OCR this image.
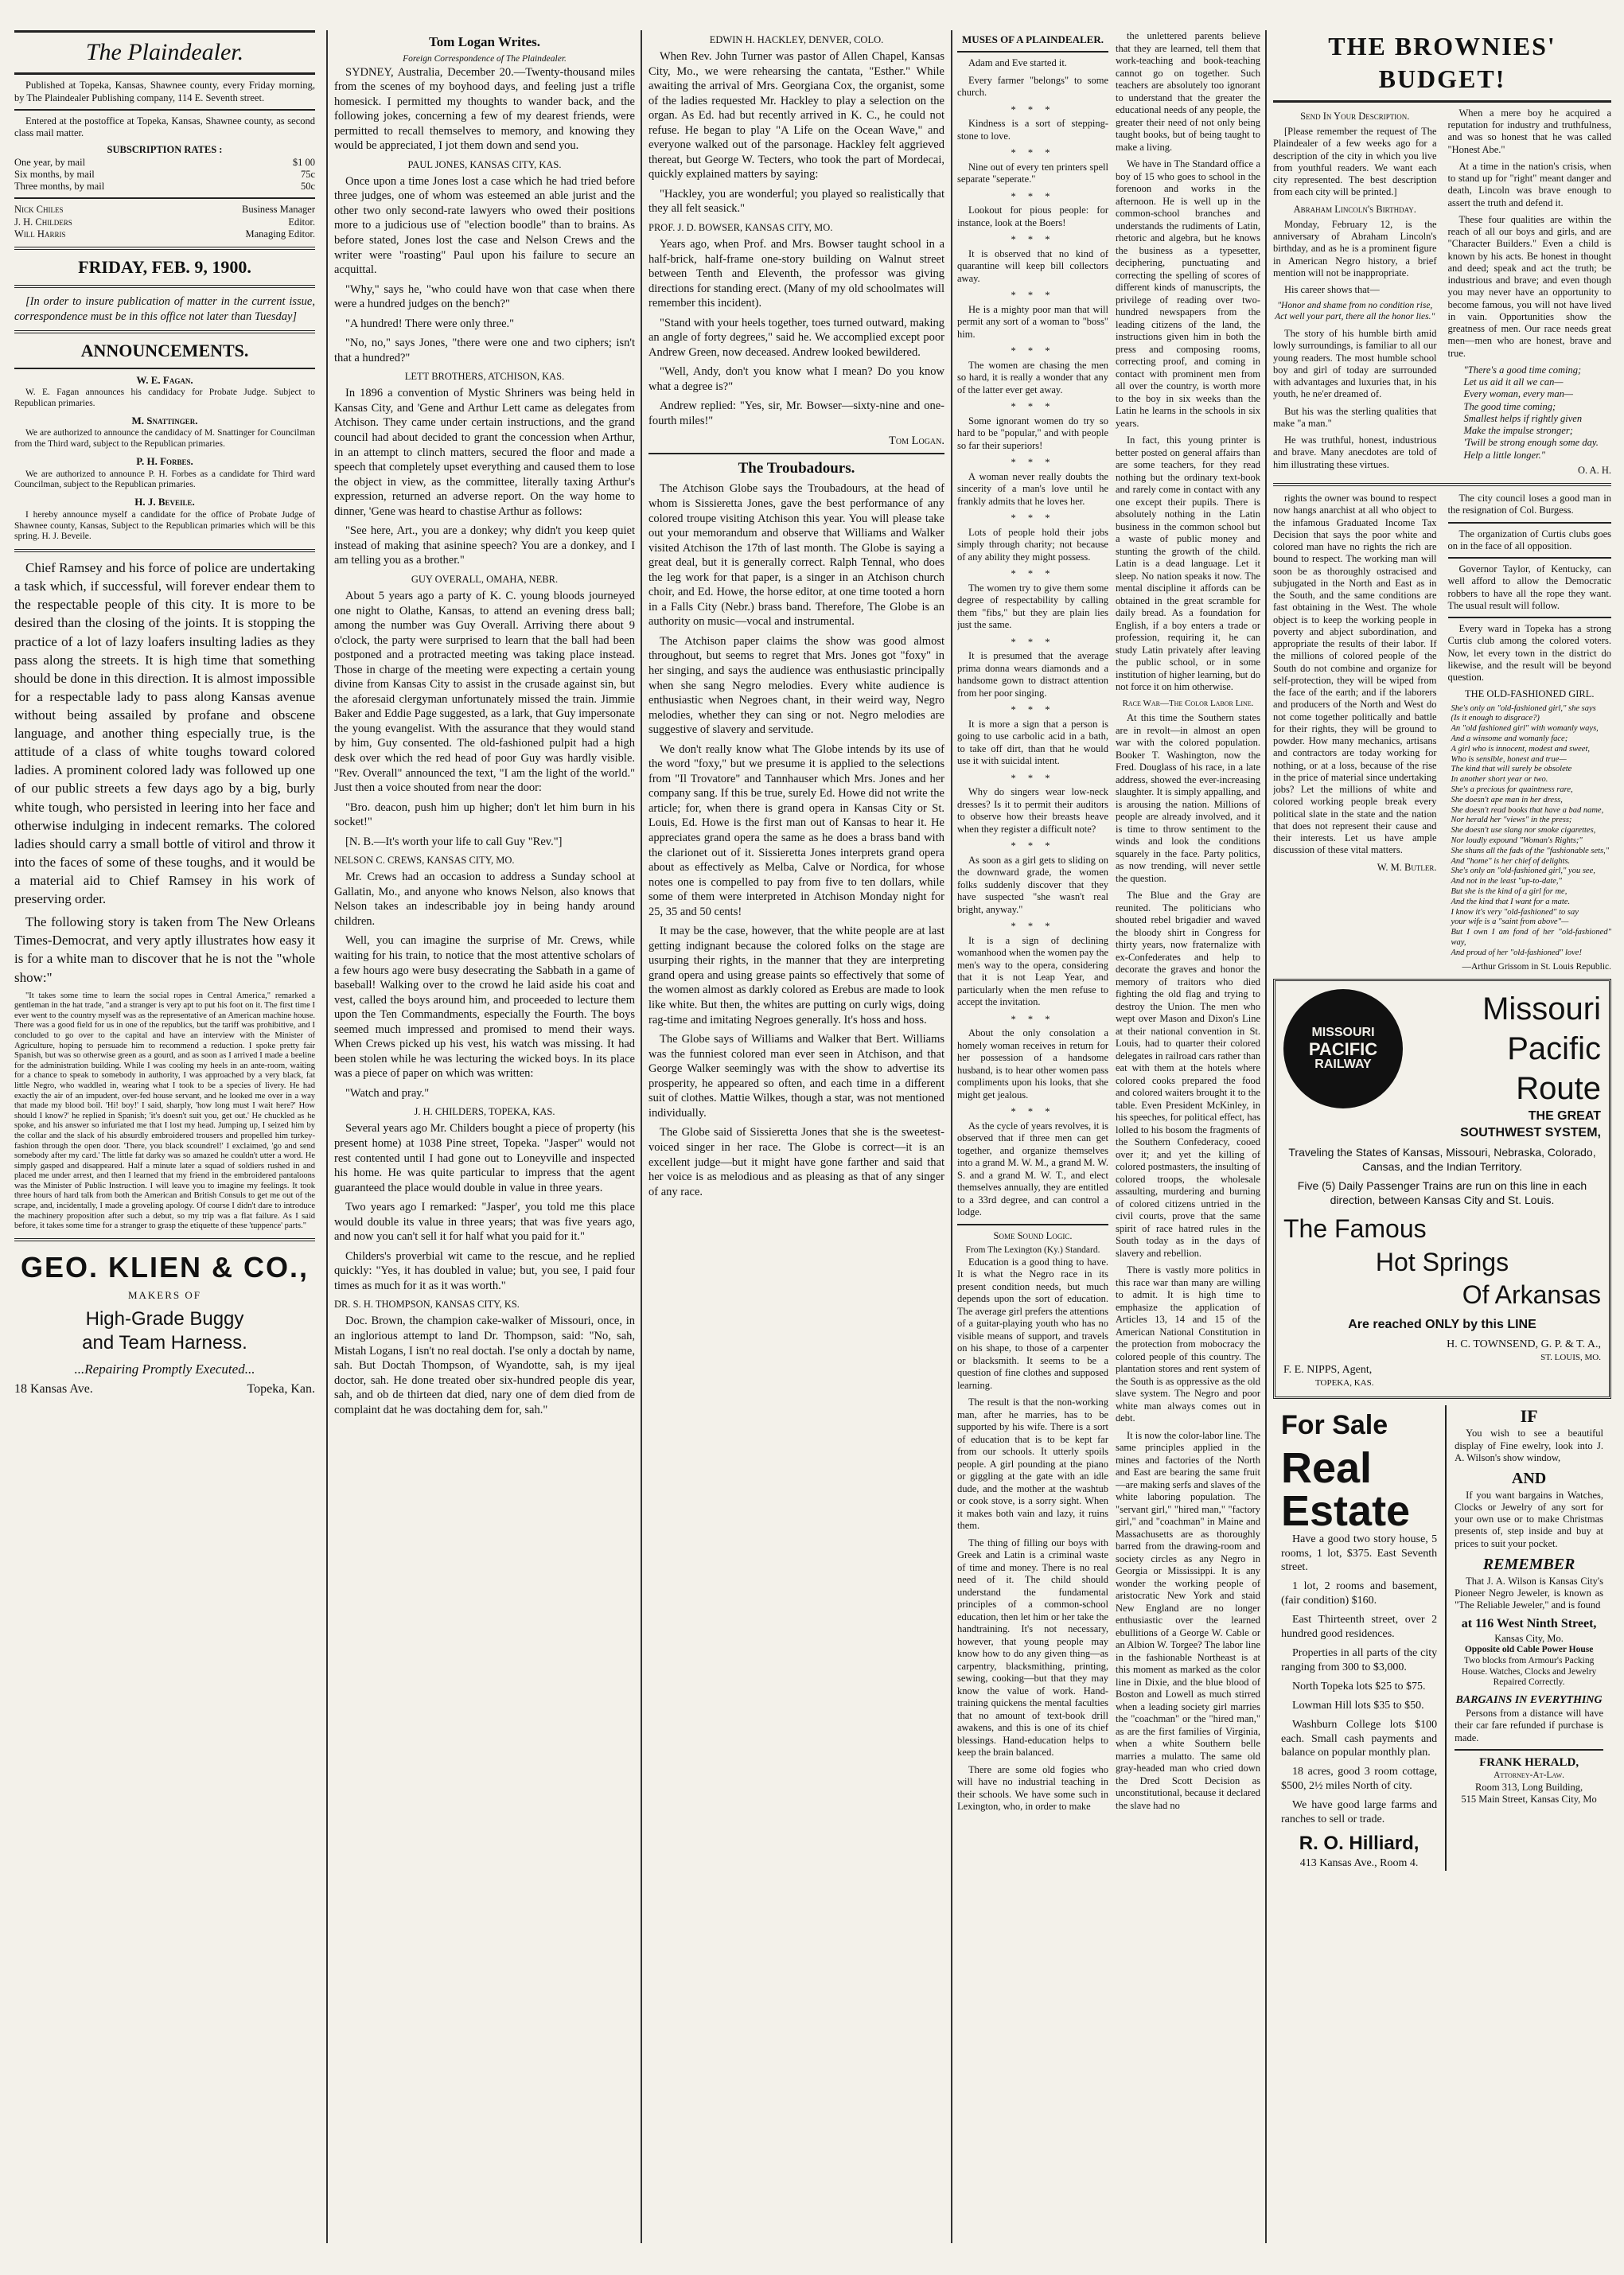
The Plaindealer.

Published at Topeka, Kansas, Shawnee county, every Friday morning, by The Plaindealer Publishing company, 114 E. Seventh street.

Entered at the postoffice at Topeka, Kansas, Shawnee county, as second class mail matter.

SUBSCRIPTION RATES :
One year, by mail	$1 00
Six months, by mail	75c
Three months, by mail	50c
Nick Chiles	Business Manager
J. H. Childers	Editor.
Will Harris	Managing Editor.
FRIDAY, FEB. 9, 1900.

[In order to insure publication of matter in the current issue, correspondence must be in this office not later than Tuesday]

ANNOUNCEMENTS.
W. E. Fagan.

W. E. Fagan announces his candidacy for Probate Judge. Subject to Republican primaries.

M. Snattinger.

We are authorized to announce the candidacy of M. Snattinger for Councilman from the Third ward, subject to the Republican primaries.

P. H. Forbes.

We are authorized to announce P. H. Forbes as a candidate for Third ward Councilman, subject to the Republican primaries.

H. J. Beveile.

I hereby announce myself a candidate for the office of Probate Judge of Shawnee county, Kansas, Subject to the Republican primaries which will be this spring. H. J. Beveile.

Chief Ramsey and his force of police are undertaking a task which, if successful, will forever endear them to the respectable people of this city. It is more to be desired than the closing of the joints. It is stopping the practice of a lot of lazy loafers insulting ladies as they pass along the streets. It is high time that something should be done in this direction. It is almost impossible for a respectable lady to pass along Kansas avenue without being assailed by profane and obscene language, and another thing especially true, is the attitude of a class of white toughs toward colored ladies. A prominent colored lady was followed up one of our public streets a few days ago by a big, burly white tough, who persisted in leering into her face and otherwise indulging in indecent remarks. The colored ladies should carry a small bottle of vitirol and throw it into the faces of some of these toughs, and it would be a material aid to Chief Ramsey in his work of preserving order.

The following story is taken from The New Orleans Times-Democrat, and very aptly illustrates how easy it is for a white man to discover that he is not the "whole show:"

"It takes some time to learn the social ropes in Central America," remarked a gentleman in the hat trade, "and a stranger is very apt to put his foot on it. The first time I ever went to the country myself was as the representative of an American machine house. There was a good field for us in one of the republics, but the tariff was prohibitive, and I concluded to go over to the capital and have an interview with the Minister of Agriculture, hoping to persuade him to recommend a reduction. I spoke pretty fair Spanish, but was so otherwise green as a gourd, and as soon as I arrived I made a beeline for the administration building. While I was cooling my heels in an ante-room, waiting for a chance to speak to somebody in authority, I was approached by a very black, fat little Negro, who waddled in, wearing what I took to be a species of livery. He had exactly the air of an impudent, over-fed house servant, and he looked me over in a way that made my blood boil. 'Hi! boy!' I said, sharply, 'how long must I wait here?' How should I know?' he replied in Spanish; 'it's doesn't suit you, get out.' He chuckled as he spoke, and his answer so infuriated me that I lost my head. Jumping up, I seized him by the collar and the slack of his absurdly embroidered trousers and propelled him turkey-fashion through the open door. 'There, you black scoundrel!' I exclaimed, 'go and send somebody after my card.' The little fat darky was so amazed he couldn't utter a word. He simply gasped and disappeared. Half a minute later a squad of soldiers rushed in and placed me under arrest, and then I learned that my friend in the embroidered pantaloons was the Minister of Public Instruction. I will leave you to imagine my feelings. It took three hours of hard talk from both the American and British Consuls to get me out of the scrape, and, incidentally, I made a groveling apology. Of course I didn't dare to introduce the machinery proposition after such a debut, so my trip was a flat failure. As I said before, it takes some time for a stranger to grasp the etiquette of these 'tuppence' parts."

GEO. KLIEN & CO.,
MAKERS OF
High-Grade Buggy
and Team Harness.
...Repairing Promptly Executed...
18 Kansas Ave.	Topeka, Kan.
Tom Logan Writes.
Foreign Correspondence of The Plaindealer.

SYDNEY, Australia, December 20.—Twenty-thousand miles from the scenes of my boyhood days, and feeling just a trifle homesick. I permitted my thoughts to wander back, and the following jokes, concerning a few of my dearest friends, were permitted to recall themselves to memory, and knowing they would be appreciated, I jot them down and send you.

PAUL JONES, KANSAS CITY, KAS.

Once upon a time Jones lost a case which he had tried before three judges, one of whom was esteemed an able jurist and the other two only second-rate lawyers who owed their positions more to a judicious use of "election boodle" than to brains. As before stated, Jones lost the case and Nelson Crews and the writer were "roasting" Paul upon his failure to secure an acquittal.

"Why," says he, "who could have won that case when there were a hundred judges on the bench?"

"A hundred! There were only three."

"No, no," says Jones, "there were one and two ciphers; isn't that a hundred?"

LETT BROTHERS, ATCHISON, KAS.

In 1896 a convention of Mystic Shriners was being held in Kansas City, and 'Gene and Arthur Lett came as delegates from Atchison. They came under certain instructions, and the grand council had about decided to grant the concession when Arthur, in an attempt to clinch matters, secured the floor and made a speech that completely upset everything and caused them to lose the object in view, as the committee, literally taxing Arthur's expression, returned an adverse report. On the way home to dinner, 'Gene was heard to chastise Arthur as follows:

"See here, Art., you are a donkey; why didn't you keep quiet instead of making that asinine speech? You are a donkey, and I am telling you as a brother."

GUY OVERALL, OMAHA, NEBR.

About 5 years ago a party of K. C. young bloods journeyed one night to Olathe, Kansas, to attend an evening dress ball; among the number was Guy Overall. Arriving there about 9 o'clock, the party were surprised to learn that the ball had been postponed and a protracted meeting was taking place instead. Those in charge of the meeting were expecting a certain young divine from Kansas City to assist in the crusade against sin, but the aforesaid clergyman unfortunately missed the train. Jimmie Baker and Eddie Page suggested, as a lark, that Guy impersonate the young evangelist. With the assurance that they would stand by him, Guy consented. The old-fashioned pulpit had a high desk over which the red head of poor Guy was hardly visible. "Rev. Overall" announced the text, "I am the light of the world." Just then a voice shouted from near the door:

"Bro. deacon, push him up higher; don't let him burn in his socket!"

[N. B.—It's worth your life to call Guy "Rev."]

NELSON C. CREWS, KANSAS CITY, MO.

Mr. Crews had an occasion to address a Sunday school at Gallatin, Mo., and anyone who knows Nelson, also knows that Nelson takes an indescribable joy in being handy around children.

Well, you can imagine the surprise of Mr. Crews, while waiting for his train, to notice that the most attentive scholars of a few hours ago were busy desecrating the Sabbath in a game of baseball! Walking over to the crowd he laid aside his coat and vest, called the boys around him, and proceeded to lecture them upon the Ten Commandments, especially the Fourth. The boys seemed much impressed and promised to mend their ways. When Crews picked up his vest, his watch was missing. It had been stolen while he was lecturing the wicked boys. In its place was a piece of paper on which was written:

"Watch and pray."

J. H. CHILDERS, TOPEKA, KAS.

Several years ago Mr. Childers bought a piece of property (his present home) at 1038 Pine street, Topeka. "Jasper" would not rest contented until I had gone out to Loneyville and inspected his home. He was quite particular to impress that the agent guaranteed the place would double in value in three years.

Two years ago I remarked: "Jasper', you told me this place would double its value in three years; that was five years ago, and now you can't sell it for half what you paid for it."

Childers's proverbial wit came to the rescue, and he replied quickly: "Yes, it has doubled in value; but, you see, I paid four times as much for it as it was worth."

DR. S. H. THOMPSON, KANSAS CITY, KS.

Doc. Brown, the champion cake-walker of Missouri, once, in an inglorious attempt to land Dr. Thompson, said: "No, sah, Mistah Logans, I isn't no real doctah. I'se only a doctah by name, sah. But Doctah Thompson, of Wyandotte, sah, is my ijeal doctor, sah. He done treated ober six-hundred people dis year, sah, and ob de thirteen dat died, nary one of dem died from de complaint dat he was doctahing dem for, sah."

EDWIN H. HACKLEY, DENVER, COLO.

When Rev. John Turner was pastor of Allen Chapel, Kansas City, Mo., we were rehearsing the cantata, "Esther." While awaiting the arrival of Mrs. Georgiana Cox, the organist, some of the ladies requested Mr. Hackley to play a selection on the organ. As Ed. had but recently arrived in K. C., he could not refuse. He began to play "A Life on the Ocean Wave," and everyone walked out of the parsonage. Hackley felt aggrieved thereat, but George W. Tecters, who took the part of Mordecai, quickly explained matters by saying:

"Hackley, you are wonderful; you played so realistically that they all felt seasick."

PROF. J. D. BOWSER, KANSAS CITY, MO.

Years ago, when Prof. and Mrs. Bowser taught school in a half-brick, half-frame one-story building on Walnut street between Tenth and Eleventh, the professor was giving directions for standing erect. (Many of my old schoolmates will remember this incident).

"Stand with your heels together, toes turned outward, making an angle of forty degrees," said he. We accomplied except poor Andrew Green, now deceased. Andrew looked bewildered.

"Well, Andy, don't you know what I mean? Do you know what a degree is?"

Andrew replied: "Yes, sir, Mr. Bowser—sixty-nine and one-fourth miles!"

Tom Logan.
The Troubadours.

The Atchison Globe says the Troubadours, at the head of whom is Sissieretta Jones, gave the best performance of any colored troupe visiting Atchison this year. You will please take out your memorandum and observe that Williams and Walker visited Atchison the 17th of last month. The Globe is saying a great deal, but it is generally correct. Ralph Tennal, who does the leg work for that paper, is a singer in an Atchison church choir, and Ed. Howe, the horse editor, at one time tooted a horn in a Falls City (Nebr.) brass band. Therefore, The Globe is an authority on music—vocal and instrumental.

The Atchison paper claims the show was good almost throughout, but seems to regret that Mrs. Jones got "foxy" in her singing, and says the audience was enthusiastic principally when she sang Negro melodies. Every white audience is enthusiastic when Negroes chant, in their weird way, Negro melodies, whether they can sing or not. Negro melodies are suggestive of slavery and servitude.

We don't really know what The Globe intends by its use of the word "foxy," but we presume it is applied to the selections from "Il Trovatore" and Tannhauser which Mrs. Jones and her company sang. If this be true, surely Ed. Howe did not write the article; for, when there is grand opera in Kansas City or St. Louis, Ed. Howe is the first man out of Kansas to hear it. He appreciates grand opera the same as he does a brass band with the clarionet out of it. Sissieretta Jones interprets grand opera about as effectively as Melba, Calve or Nordica, for whose notes one is compelled to pay from five to ten dollars, while some of them were interpreted in Atchison Monday night for 25, 35 and 50 cents!

It may be the case, however, that the white people are at last getting indignant because the colored folks on the stage are usurping their rights, in the manner that they are interpreting grand opera and using grease paints so effectively that some of the women almost as darkly colored as Erebus are made to look like white. But then, the whites are putting on curly wigs, doing rag-time and imitating Negroes generally. It's hoss and hoss.

The Globe says of Williams and Walker that Bert. Williams was the funniest colored man ever seen in Atchison, and that George Walker seemingly was with the show to advertise its prosperity, he appeared so often, and each time in a different suit of clothes. Mattie Wilkes, though a star, was not mentioned individually.

The Globe said of Sissieretta Jones that she is the sweetest-voiced singer in her race. The Globe is correct—it is an excellent judge—but it might have gone farther and said that her voice is as melodious and as pleasing as that of any singer of any race.

MUSES OF A PLAINDEALER.

Adam and Eve started it.

Every farmer "belongs" to some church.

* * *

Kindness is a sort of stepping-stone to love.

* * *

Nine out of every ten printers spell separate "seperate."

* * *

Lookout for pious people: for instance, look at the Boers!

* * *

It is observed that no kind of quarantine will keep bill collectors away.

* * *

He is a mighty poor man that will permit any sort of a woman to "boss" him.

* * *

The women are chasing the men so hard, it is really a wonder that any of the latter ever get away.

* * *

Some ignorant women do try so hard to be "popular," and with people so far their superiors!

* * *

A woman never really doubts the sincerity of a man's love until he frankly admits that he loves her.

* * *

Lots of people hold their jobs simply through charity; not because of any ability they might possess.

* * *

The women try to give them some degree of respectability by calling them "fibs," but they are plain lies just the same.

* * *

It is presumed that the average prima donna wears diamonds and a handsome gown to distract attention from her poor singing.

* * *

It is more a sign that a person is going to use carbolic acid in a bath, to take off dirt, than that he would use it with suicidal intent.

* * *

Why do singers wear low-neck dresses? Is it to permit their auditors to observe how their breasts heave when they register a difficult note?

* * *

As soon as a girl gets to sliding on the downward grade, the women folks suddenly discover that they have suspected "she wasn't real bright, anyway."

* * *

It is a sign of declining womanhood when the women pay the men's way to the opera, considering that it is not Leap Year, and particularly when the men refuse to accept the invitation.

* * *

About the only consolation a homely woman receives in return for her possession of a handsome husband, is to hear other women pass compliments upon his looks, that she might get jealous.

* * *

As the cycle of years revolves, it is observed that if three men can get together, and organize themselves into a grand M. W. M., a grand M. W. S. and a grand M. W. T., and elect themselves annually, they are entitled to a 33rd degree, and can control a lodge.

Some Sound Logic.
From The Lexington (Ky.) Standard.

Education is a good thing to have. It is what the Negro race in its present condition needs, but much depends upon the sort of education. The average girl prefers the attentions of a guitar-playing youth who has no visible means of support, and travels on his shape, to those of a carpenter or blacksmith. It seems to be a question of fine clothes and supposed learning.

The result is that the non-working man, after he marries, has to be supported by his wife. There is a sort of education that is to be kept far from our schools. It utterly spoils people. A girl pounding at the piano or giggling at the gate with an idle dude, and the mother at the washtub or cook stove, is a sorry sight. When it makes both vain and lazy, it ruins them.

The thing of filling our boys with Greek and Latin is a criminal waste of time and money. There is no real need of it. The child should understand the fundamental principles of a common-school education, then let him or her take the handtraining. It's not necessary, however, that young people may know how to do any given thing—as carpentry, blacksmithing, printing, sewing, cooking—but that they may know the value of work. Hand-training quickens the mental faculties that no amount of text-book drill awakens, and this is one of its chief blessings. Hand-education helps to keep the brain balanced.

There are some old fogies who will have no industrial teaching in their schools. We have some such in Lexington, who, in order to make

THE BROWNIES' BUDGET!
Send In Your Description.

[Please remember the request of The Plaindealer of a few weeks ago for a description of the city in which you live from youthful readers. We want each city represented. The best description from each city will be printed.]

Abraham Lincoln's Birthday.

Monday, February 12, is the anniversary of Abraham Lincoln's birthday, and as he is a prominent figure in American Negro history, a brief mention will not be inappropriate.

His career shows that—

"Honor and shame from no condition rise, Act well your part, there all the honor lies."

The story of his humble birth amid lowly surroundings, is familiar to all our young readers. The most humble school boy and girl of today are surrounded with advantages and luxuries that, in his youth, he ne'er dreamed of.

But his was the sterling qualities that make "a man."

He was truthful, honest, industrious and brave. Many anecdotes are told of him illustrating these virtues.

When a mere boy he acquired a reputation for industry and truthfulness, and was so honest that he was called "Honest Abe."

At a time in the nation's crisis, when to stand up for "right" meant danger and death, Lincoln was brave enough to assert the truth and defend it.

These four qualities are within the reach of all our boys and girls, and are "Character Builders." Even a child is known by his acts. Be honest in thought and deed; speak and act the truth; be industrious and brave; and even though you may never have an opportunity to become famous, you will not have lived in vain. Opportunities show the greatness of men. Our race needs great men—men who are honest, brave and true.

"There's a good time coming;
Let us aid it all we can—
Every woman, every man—
The good time coming;
Smallest helps if rightly given
Make the impulse stronger;
'Twill be strong enough some day.
Help a little longer."
O. A. H.

rights the owner was bound to respect now hangs anarchist at all who object to the infamous Graduated Income Tax Decision that says the poor white and colored man have no rights the rich are bound to respect. The working man will soon be as thoroughly ostracised and subjugated in the North and East as in the South, and the same conditions are fast obtaining in the West. The whole object is to keep the working people in poverty and abject subordination, and appropriate the results of their labor. If the millions of colored people of the South do not combine and organize for self-protection, they will be wiped from the face of the earth; and if the laborers and producers of the North and West do not come together politically and battle for their rights, they will be ground to powder. How many mechanics, artisans and contractors are today working for nothing, or at a loss, because of the rise in the price of material since undertaking jobs? Let the millions of white and colored working people break every political slate in the state and the nation that does not represent their cause and their interests. Let us have ample discussion of these vital matters.

W. M. Butler.

The city council loses a good man in the resignation of Col. Burgess.

The organization of Curtis clubs goes on in the face of all opposition.

Governor Taylor, of Kentucky, can well afford to allow the Democratic robbers to have all the rope they want. The usual result will follow.

Every ward in Topeka has a strong Curtis club among the colored voters. Now, let every town in the district do likewise, and the result will be beyond question.

THE OLD-FASHIONED GIRL.
She's only an "old-fashioned girl," she says
(Is it enough to disgrace?)
An "old fashioned girl" with womanly ways,
And a winsome and womanly face;
A girl who is innocent, modest and sweet,
Who is sensible, honest and true—
The kind that will surely be obsolete
In another short year or two.
She's a precious for quaintness rare,
She doesn't ape man in her dress,
She doesn't read books that have a bad name,
Nor herald her "views" in the press;
She doesn't use slang nor smoke cigarettes,
Nor loudly expound "Woman's Rights;"
She shuns all the fads of the "fashionable sets,"
And "home" is her chief of delights.
She's only an "old-fashioned girl," you see,
And not in the least "up-to-date,"
But she is the kind of a girl for me,
And the kind that I want for a mate.
I know it's very "old-fashioned" to say
your wife is a "saint from above"—
But I own I am fond of her "old-fashioned" way,
And proud of her "old-fashioned" love!
—Arthur Grissom in St. Louis Republic.
MISSOURI
PACIFIC
RAILWAY
Missouri
Pacific
Route
THE GREAT
SOUTHWEST SYSTEM,

Traveling the States of Kansas, Missouri, Nebraska, Colorado, Cansas, and the Indian Territory.

Five (5) Daily Passenger Trains are run on this line in each direction, between Kansas City and St. Louis.

The Famous
Hot Springs
Of Arkansas
Are reached ONLY by this LINE
H. C. TOWNSEND, G. P. & T. A.,
ST. LOUIS, MO.
F. E. NIPPS, Agent,
TOPEKA, KAS.
For Sale
Real Estate

Have a good two story house, 5 rooms, 1 lot, $375. East Seventh street.

1 lot, 2 rooms and basement, (fair condition) $160.

East Thirteenth street, over 2 hundred good residences.

Properties in all parts of the city ranging from 300 to $3,000.

North Topeka lots $25 to $75.

Lowman Hill lots $35 to $50.

Washburn College lots $100 each. Small cash payments and balance on popular monthly plan.

18 acres, good 3 room cottage, $500, 2½ miles North of city.

We have good large farms and ranches to sell or trade.

R. O. Hilliard,
413 Kansas Ave., Room 4.
IF

You wish to see a beautiful display of Fine ewelry, look into J. A. Wilson's show window,

AND

If you want bargains in Watches, Clocks or Jewelry of any sort for your own use or to make Christmas presents of, step inside and buy at prices to suit your pocket.

REMEMBER

That J. A. Wilson is Kansas City's Pioneer Negro Jeweler, is known as "The Reliable Jeweler," and is found

at 116 West Ninth Street,
Kansas City, Mo.
Opposite old Cable Power House

Two blocks from Armour's Packing House. Watches, Clocks and Jewelry Repaired Correctly.

BARGAINS IN EVERYTHING

Persons from a distance will have their car fare refunded if purchase is made.

FRANK HERALD,
Attorney-At-Law.
Room 313, Long Building,
515 Main Street, Kansas City, Mo

the unlettered parents believe that they are learned, tell them that work-teaching and book-teaching cannot go on together. Such teachers are absolutely too ignorant to understand that the greater the educational needs of any people, the greater their need of not only being taught books, but of being taught to make a living.

We have in The Standard office a boy of 15 who goes to school in the forenoon and works in the afternoon. He is well up in the common-school branches and understands the rudiments of Latin, rhetoric and algebra, but he knows the business as a typesetter, deciphering, punctuating and correcting the spelling of scores of different kinds of manuscripts, the privilege of reading over two-hundred newspapers from the leading citizens of the land, the instructions given him in both the press and composing rooms, correcting proof, and coming in contact with prominent men from all over the country, is worth more to the boy in six weeks than the Latin he learns in the schools in six years.

In fact, this young printer is better posted on general affairs than are some teachers, for they read nothing but the ordinary text-book and rarely come in contact with any one except their pupils. There is absolutely nothing in the Latin business in the common school but a waste of public money and stunting the growth of the child. Latin is a dead language. Let it sleep. No nation speaks it now. The mental discipline it affords can be obtained in the great scramble for daily bread. As a foundation for English, if a boy enters a trade or profession, requiring it, he can study Latin privately after leaving the public school, or in some institution of higher learning, but do not force it on him otherwise.

Race War—The Color Labor Line.

At this time the Southern states are in revolt—in almost an open war with the colored population. Booker T. Washington, now the Fred. Douglass of his race, in a late address, showed the ever-increasing slaughter. It is simply appalling, and is arousing the nation. Millions of people are already involved, and it is time to throw sentiment to the winds and look the conditions squarely in the face. Party politics, as now trending, will never settle the question.

The Blue and the Gray are reunited. The politicians who shouted rebel brigadier and waved the bloody shirt in Congress for thirty years, now fraternalize with ex-Confederates and help to decorate the graves and honor the memory of traitors who died fighting the old flag and trying to destroy the Union. The men who wept over Mason and Dixon's Line at their national convention in St. Louis, had to quarter their colored delegates in railroad cars rather than eat with them at the hotels where colored cooks prepared the food and colored waiters brought it to the table. Even President McKinley, in his speeches, for political effect, has lolled to his bosom the fragments of the Southern Confederacy, cooed over it; and yet the killing of colored postmasters, the insulting of colored troops, the wholesale assaulting, murdering and burning of colored citizens untried in the civil courts, prove that the same spirit of race hatred rules in the South today as in the days of slavery and rebellion.

There is vastly more politics in this race war than many are willing to admit. It is high time to emphasize the application of Articles 13, 14 and 15 of the American National Constitution in the protection from mobocracy the colored people of this country. The plantation stores and rent system of the South is as oppressive as the old slave system. The Negro and poor white man always comes out in debt.

It is now the color-labor line. The same principles applied in the mines and factories of the North and East are bearing the same fruit—are making serfs and slaves of the white laboring population. The "servant girl," "hired man," "factory girl," and "coachman" in Maine and Massachusetts are as thoroughly barred from the drawing-room and society circles as any Negro in Georgia or Mississippi. It is any wonder the working people of aristocratic New York and staid New England are no longer enthusiastic over the learned ebullitions of a George W. Cable or an Albion W. Torgee? The labor line in the fashionable Northeast is at this moment as marked as the color line in Dixie, and the blue blood of Boston and Lowell as much stirred when a leading society girl marries the "coachman" or the "hired man," as are the first families of Virginia, when a white Southern belle marries a mulatto. The same old gray-headed man who cried down the Dred Scott Decision as unconstitutional, because it declared the slave had no
